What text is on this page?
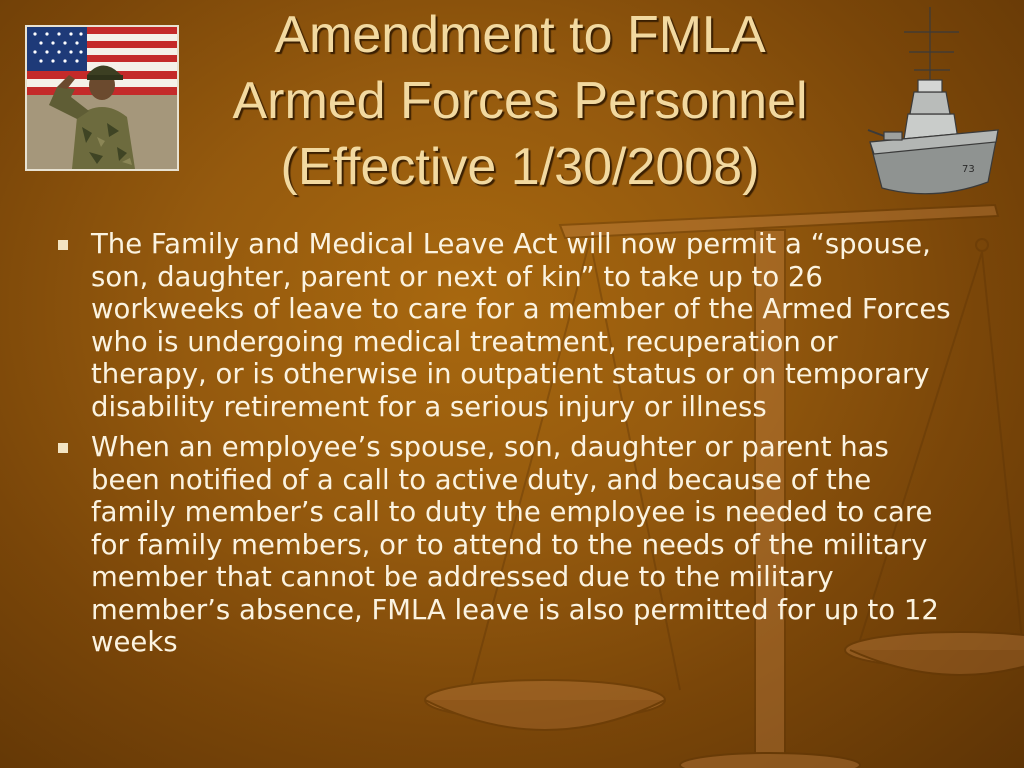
Amendment to FMLA
Armed Forces Personnel
(Effective 1/30/2008)	73
The Family and Medical Leave Act will now permit a “spouse, son, daughter, parent or next of kin” to take up to 26 workweeks of leave to care for a member of the Armed Forces who is undergoing medical treatment, recuperation or therapy, or is otherwise in outpatient status or on temporary disability retirement for a serious injury or illness
When an employee’s spouse, son, daughter or parent has been notified of a call to active duty, and because of the family member’s call to duty the employee is needed to care for family members, or to attend to the needs of the military member that cannot be addressed due to the military member’s absence, FMLA leave is also permitted for up to 12 weeks
